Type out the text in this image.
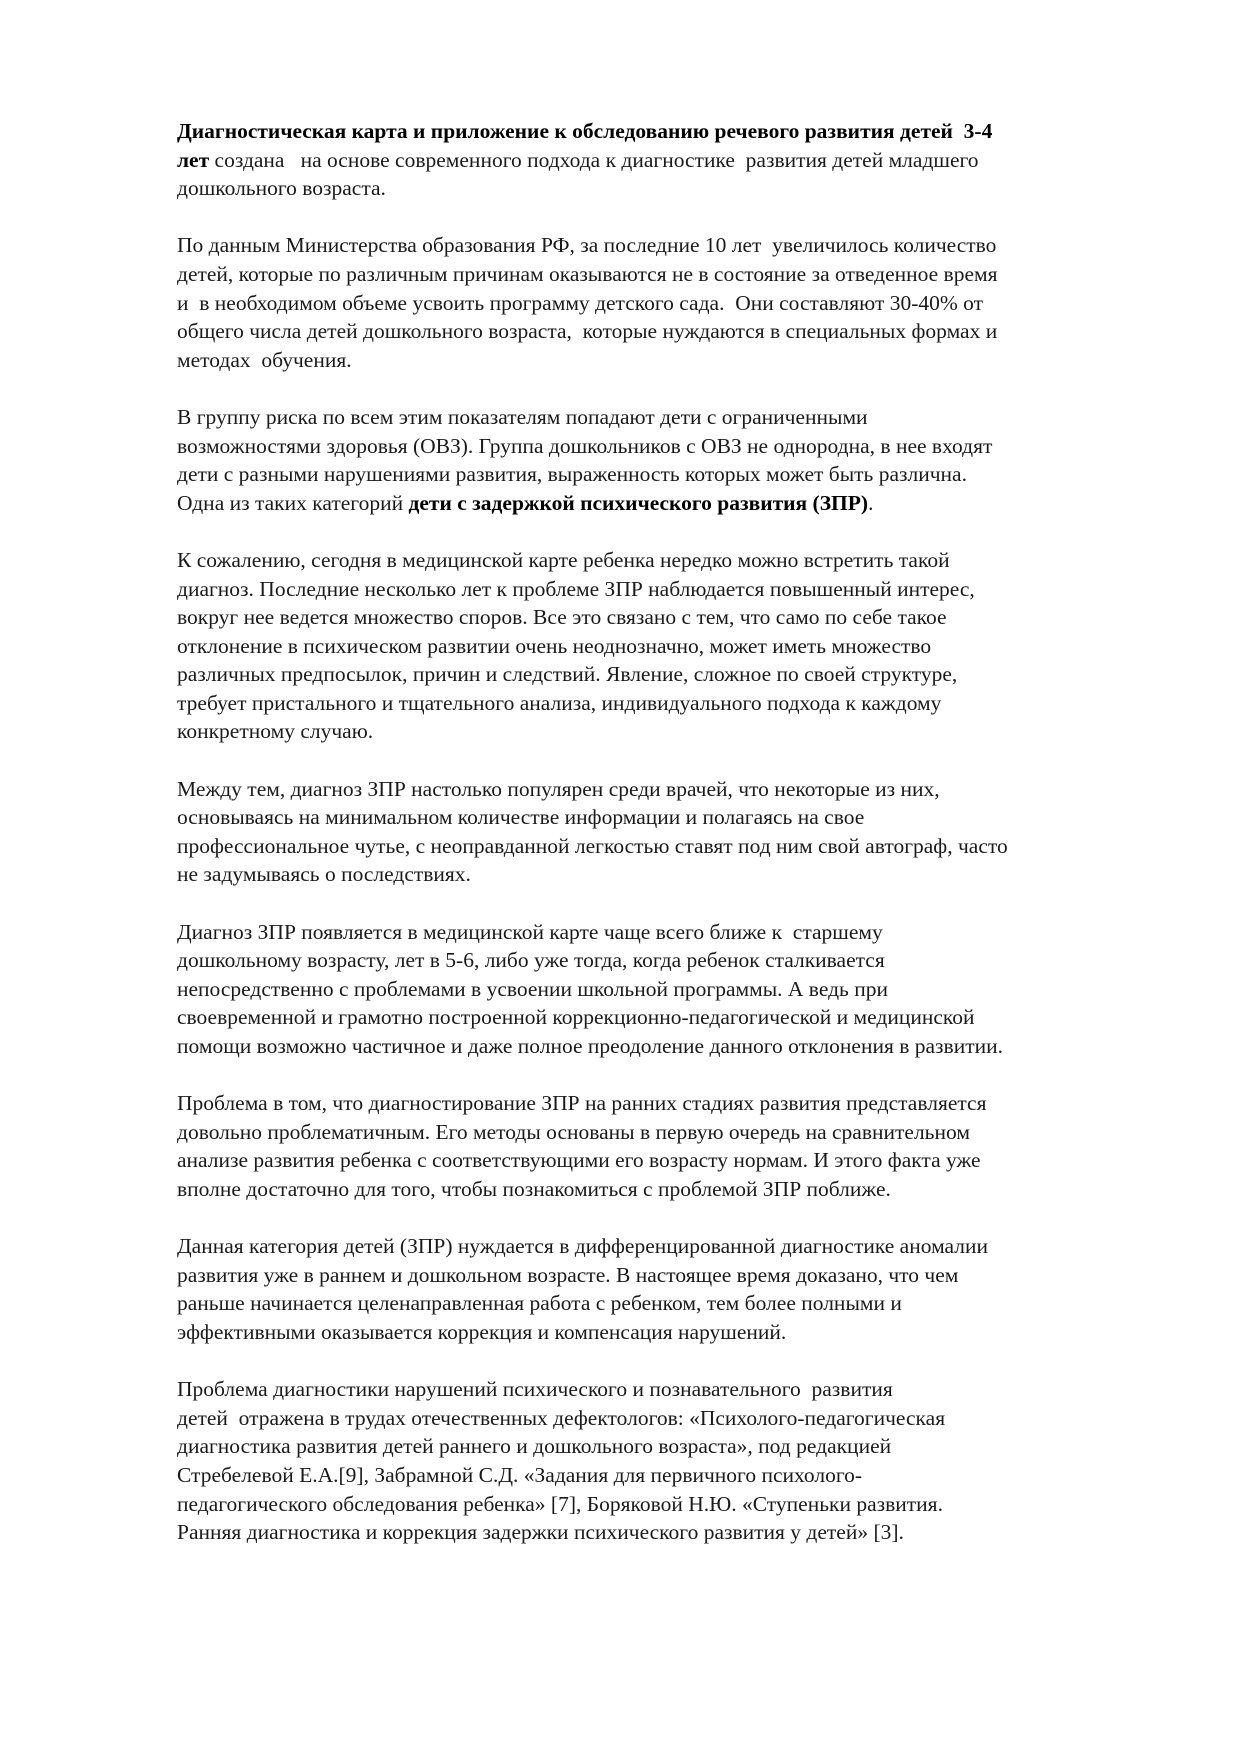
Диагностическая карта и приложение к обследованию речевого развития детей  3-4
лет создана   на основе современного подхода к диагностике  развития детей младшего
дошкольного возраста.
По данным Министерства образования РФ, за последние 10 лет  увеличилось количество
детей, которые по различным причинам оказываются не в состояние за отведенное время
и  в необходимом объеме усвоить программу детского сада.  Они составляют 30-40% от
общего числа детей дошкольного возраста,  которые нуждаются в специальных формах и
методах  обучения.
В группу риска по всем этим показателям попадают дети с ограниченными
возможностями здоровья (ОВЗ). Группа дошкольников с ОВЗ не однородна, в нее входят
дети с разными нарушениями развития, выраженность которых может быть различна.
Одна из таких категорий дети с задержкой психического развития (ЗПР).
К сожалению, сегодня в медицинской карте ребенка нередко можно встретить такой
диагноз. Последние несколько лет к проблеме ЗПР наблюдается повышенный интерес,
вокруг нее ведется множество споров. Все это связано с тем, что само по себе такое
отклонение в психическом развитии очень неоднозначно, может иметь множество
различных предпосылок, причин и следствий. Явление, сложное по своей структуре,
требует пристального и тщательного анализа, индивидуального подхода к каждому
конкретному случаю.
Между тем, диагноз ЗПР настолько популярен среди врачей, что некоторые из них,
основываясь на минимальном количестве информации и полагаясь на свое
профессиональное чутье, с неоправданной легкостью ставят под ним свой автограф, часто
не задумываясь о последствиях.
Диагноз ЗПР появляется в медицинской карте чаще всего ближе к  старшему
дошкольному возрасту, лет в 5-6, либо уже тогда, когда ребенок сталкивается
непосредственно с проблемами в усвоении школьной программы. А ведь при
своевременной и грамотно построенной коррекционно-педагогической и медицинской
помощи возможно частичное и даже полное преодоление данного отклонения в развитии.
Проблема в том, что диагностирование ЗПР на ранних стадиях развития представляется
довольно проблематичным. Его методы основаны в первую очередь на сравнительном
анализе развития ребенка с соответствующими его возрасту нормам. И этого факта уже
вполне достаточно для того, чтобы познакомиться с проблемой ЗПР поближе.
Данная категория детей (ЗПР) нуждается в дифференцированной диагностике аномалии
развития уже в раннем и дошкольном возрасте. В настоящее время доказано, что чем
раньше начинается целенаправленная работа с ребенком, тем более полными и
эффективными оказывается коррекция и компенсация нарушений.
Проблема диагностики нарушений психического и познавательного  развития
детей  отражена в трудах отечественных дефектологов: «Психолого-педагогическая
диагностика развития детей раннего и дошкольного возраста», под редакцией
Стребелевой Е.А.[9], Забрамной С.Д. «Задания для первичного психолого-
педагогического обследования ребенка» [7], Боряковой Н.Ю. «Ступеньки развития.
Ранняя диагностика и коррекция задержки психического развития у детей» [3].
